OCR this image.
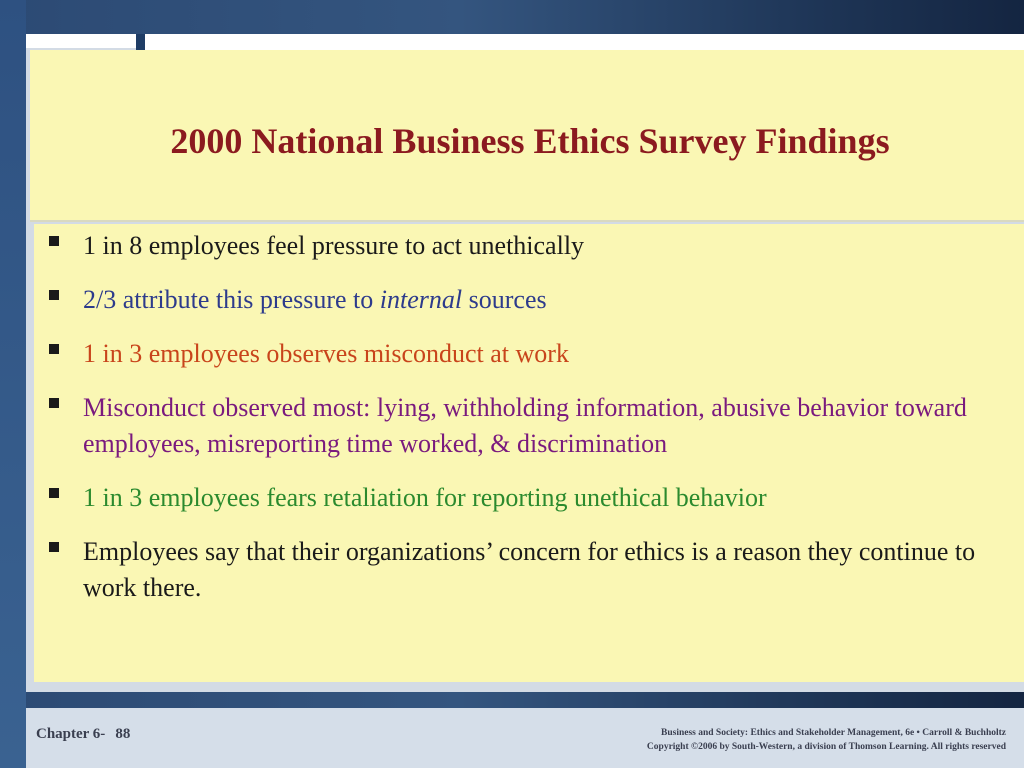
2000 National Business Ethics Survey Findings
1 in 8 employees feel pressure to act unethically
2/3 attribute this pressure to internal sources
1 in 3 employees observes misconduct at work
Misconduct observed most: lying, withholding information, abusive behavior toward employees, misreporting time worked, & discrimination
1 in 3 employees fears retaliation for reporting unethical behavior
Employees say that their organizations’ concern for ethics is a reason they continue to work there.
Chapter 6- 88	Business and Society: Ethics and Stakeholder Management, 6e • Carroll & Buchholtz
Copyright ©2006 by South-Western, a division of Thomson Learning. All rights reserved
